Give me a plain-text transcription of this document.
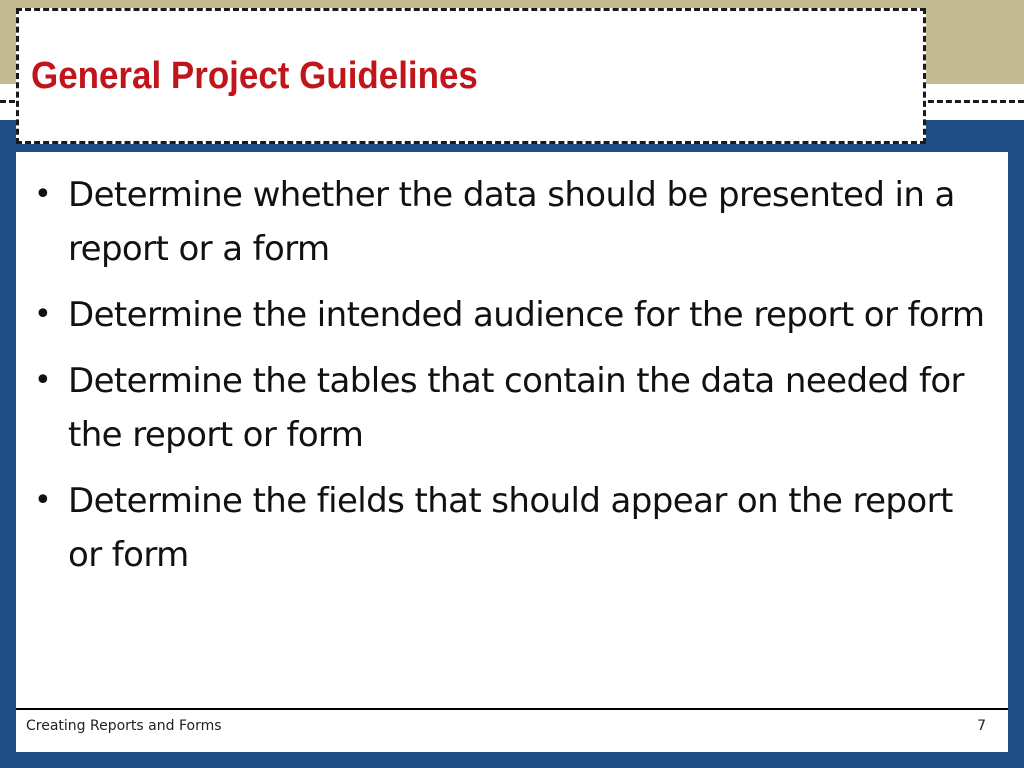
• Determine whether the data should be presented in a report or a form
• Determine the intended audience for the report or form
• Determine the tables that contain the data needed for the report or form
• Determine the fields that should appear on the report or form
General Project Guidelines
Creating Reports and Forms	7
